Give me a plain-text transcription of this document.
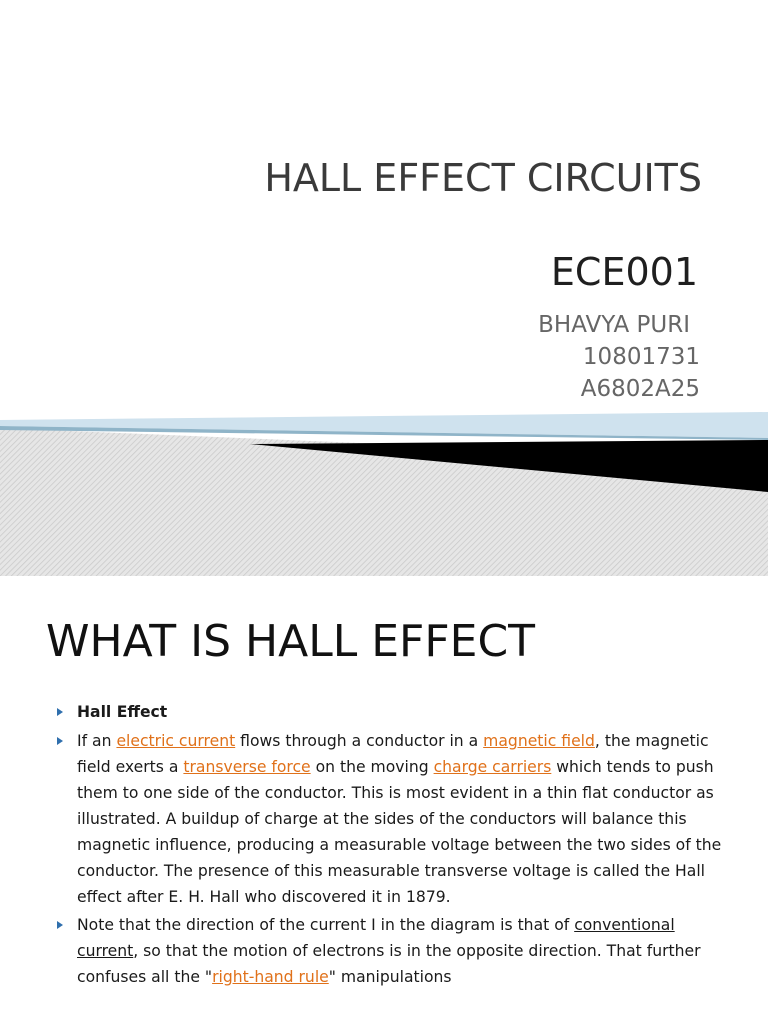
HALL EFFECT CIRCUITS
ECE001
BHAVYA PURI
10801731
A6802A25
WHAT IS HALL EFFECT
Hall Effect
If an electric current flows through a conductor in a magnetic field, the magnetic field exerts a transverse force on the moving charge carriers which tends to push them to one side of the conductor. This is most evident in a thin flat conductor as illustrated. A buildup of charge at the sides of the conductors will balance this magnetic influence, producing a measurable voltage between the two sides of the conductor. The presence of this measurable transverse voltage is called the Hall effect after E. H. Hall who discovered it in 1879.
Note that the direction of the current I in the diagram is that of conventional current, so that the motion of electrons is in the opposite direction. That further confuses all the "right-hand rule" manipulations
